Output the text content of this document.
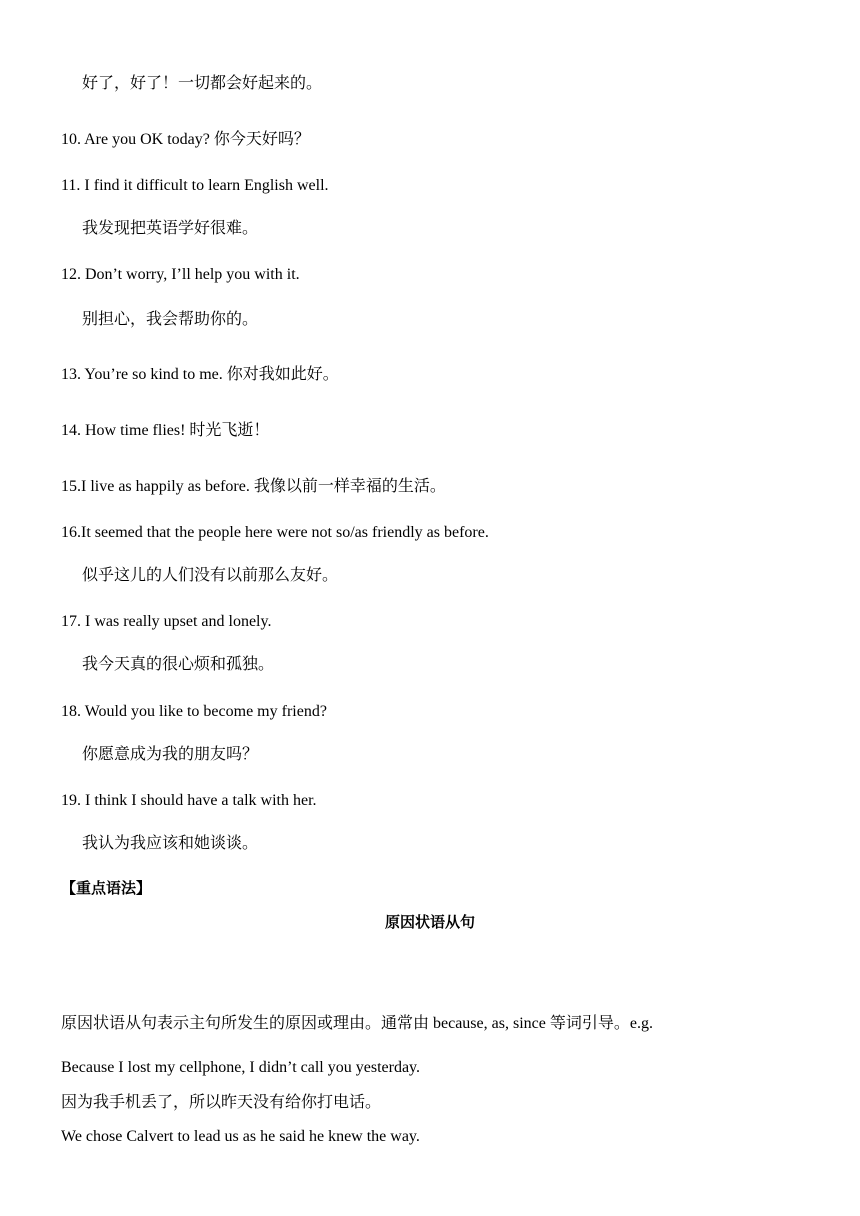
好了，好了！一切都会好起来的。
10. Are you OK today? 你今天好吗？
11. I find it difficult to learn English well.
我发现把英语学好很难。
12. Don’t worry, I’ll help you with it.
别担心，我会帮助你的。
13. You’re so kind to me. 你对我如此好。
14. How time flies! 时光飞逝！
15.I live as happily as before. 我像以前一样幸福的生活。
16.It seemed that the people here were not so/as friendly as before.
似乎这儿的人们没有以前那么友好。
17. I was really upset and lonely.
我今天真的很心烦和孤独。
18. Would you like to become my friend?
你愿意成为我的朋友吗？
19. I think I should have a talk with her.
我认为我应该和她谈谈。
【重点语法】
原因状语从句
原因状语从句表示主句所发生的原因或理由。通常由 because, as, since 等词引导。e.g.
Because I lost my cellphone, I didn’t call you yesterday.
因为我手机丢了，所以昨天没有给你打电话。
We chose Calvert to lead us as he said he knew the way.
